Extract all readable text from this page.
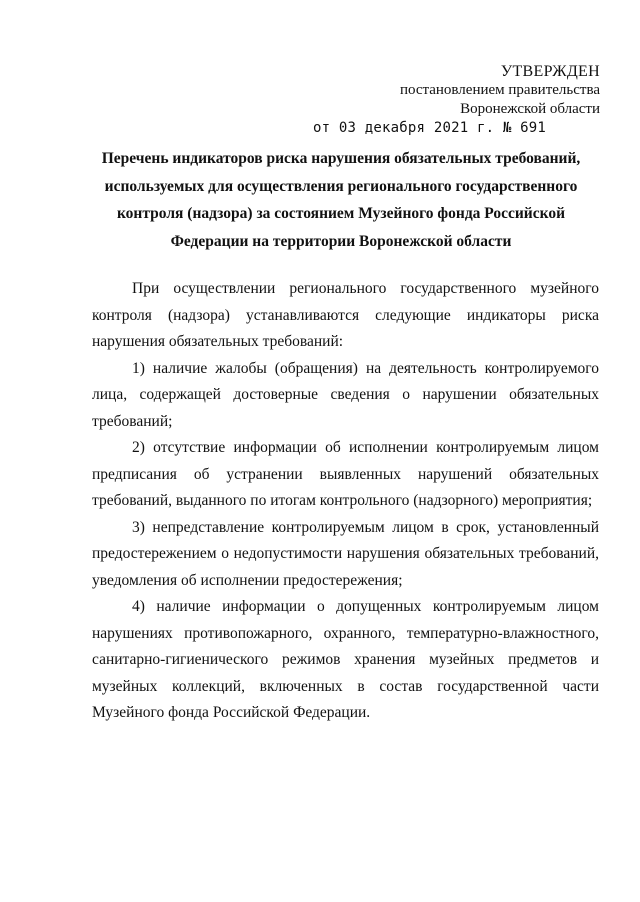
УТВЕРЖДЕН
постановлением правительства
Воронежской области
от 03 декабря 2021 г. № 691
Перечень индикаторов риска нарушения обязательных требований,
используемых для осуществления регионального государственного
контроля (надзора) за состоянием Музейного фонда Российской
Федерации на территории Воронежской области

При осуществлении регионального государственного музейного контроля (надзора) устанавливаются следующие индикаторы риска нарушения обязательных требований:

1) наличие жалобы (обращения) на деятельность контролируемого лица, содержащей достоверные сведения о нарушении обязательных требований;

2) отсутствие информации об исполнении контролируемым лицом предписания об устранении выявленных нарушений обязательных требований, выданного по итогам контрольного (надзорного) мероприятия;

3) непредставление контролируемым лицом в срок, установленный предостережением о недопустимости нарушения обязательных требований, уведомления об исполнении предостережения;

4) наличие информации о допущенных контролируемым лицом нарушениях противопожарного, охранного, температурно-влажностного, санитарно-гигиенического режимов хранения музейных предметов и музейных коллекций, включенных в состав государственной части Музейного фонда Российской Федерации.
